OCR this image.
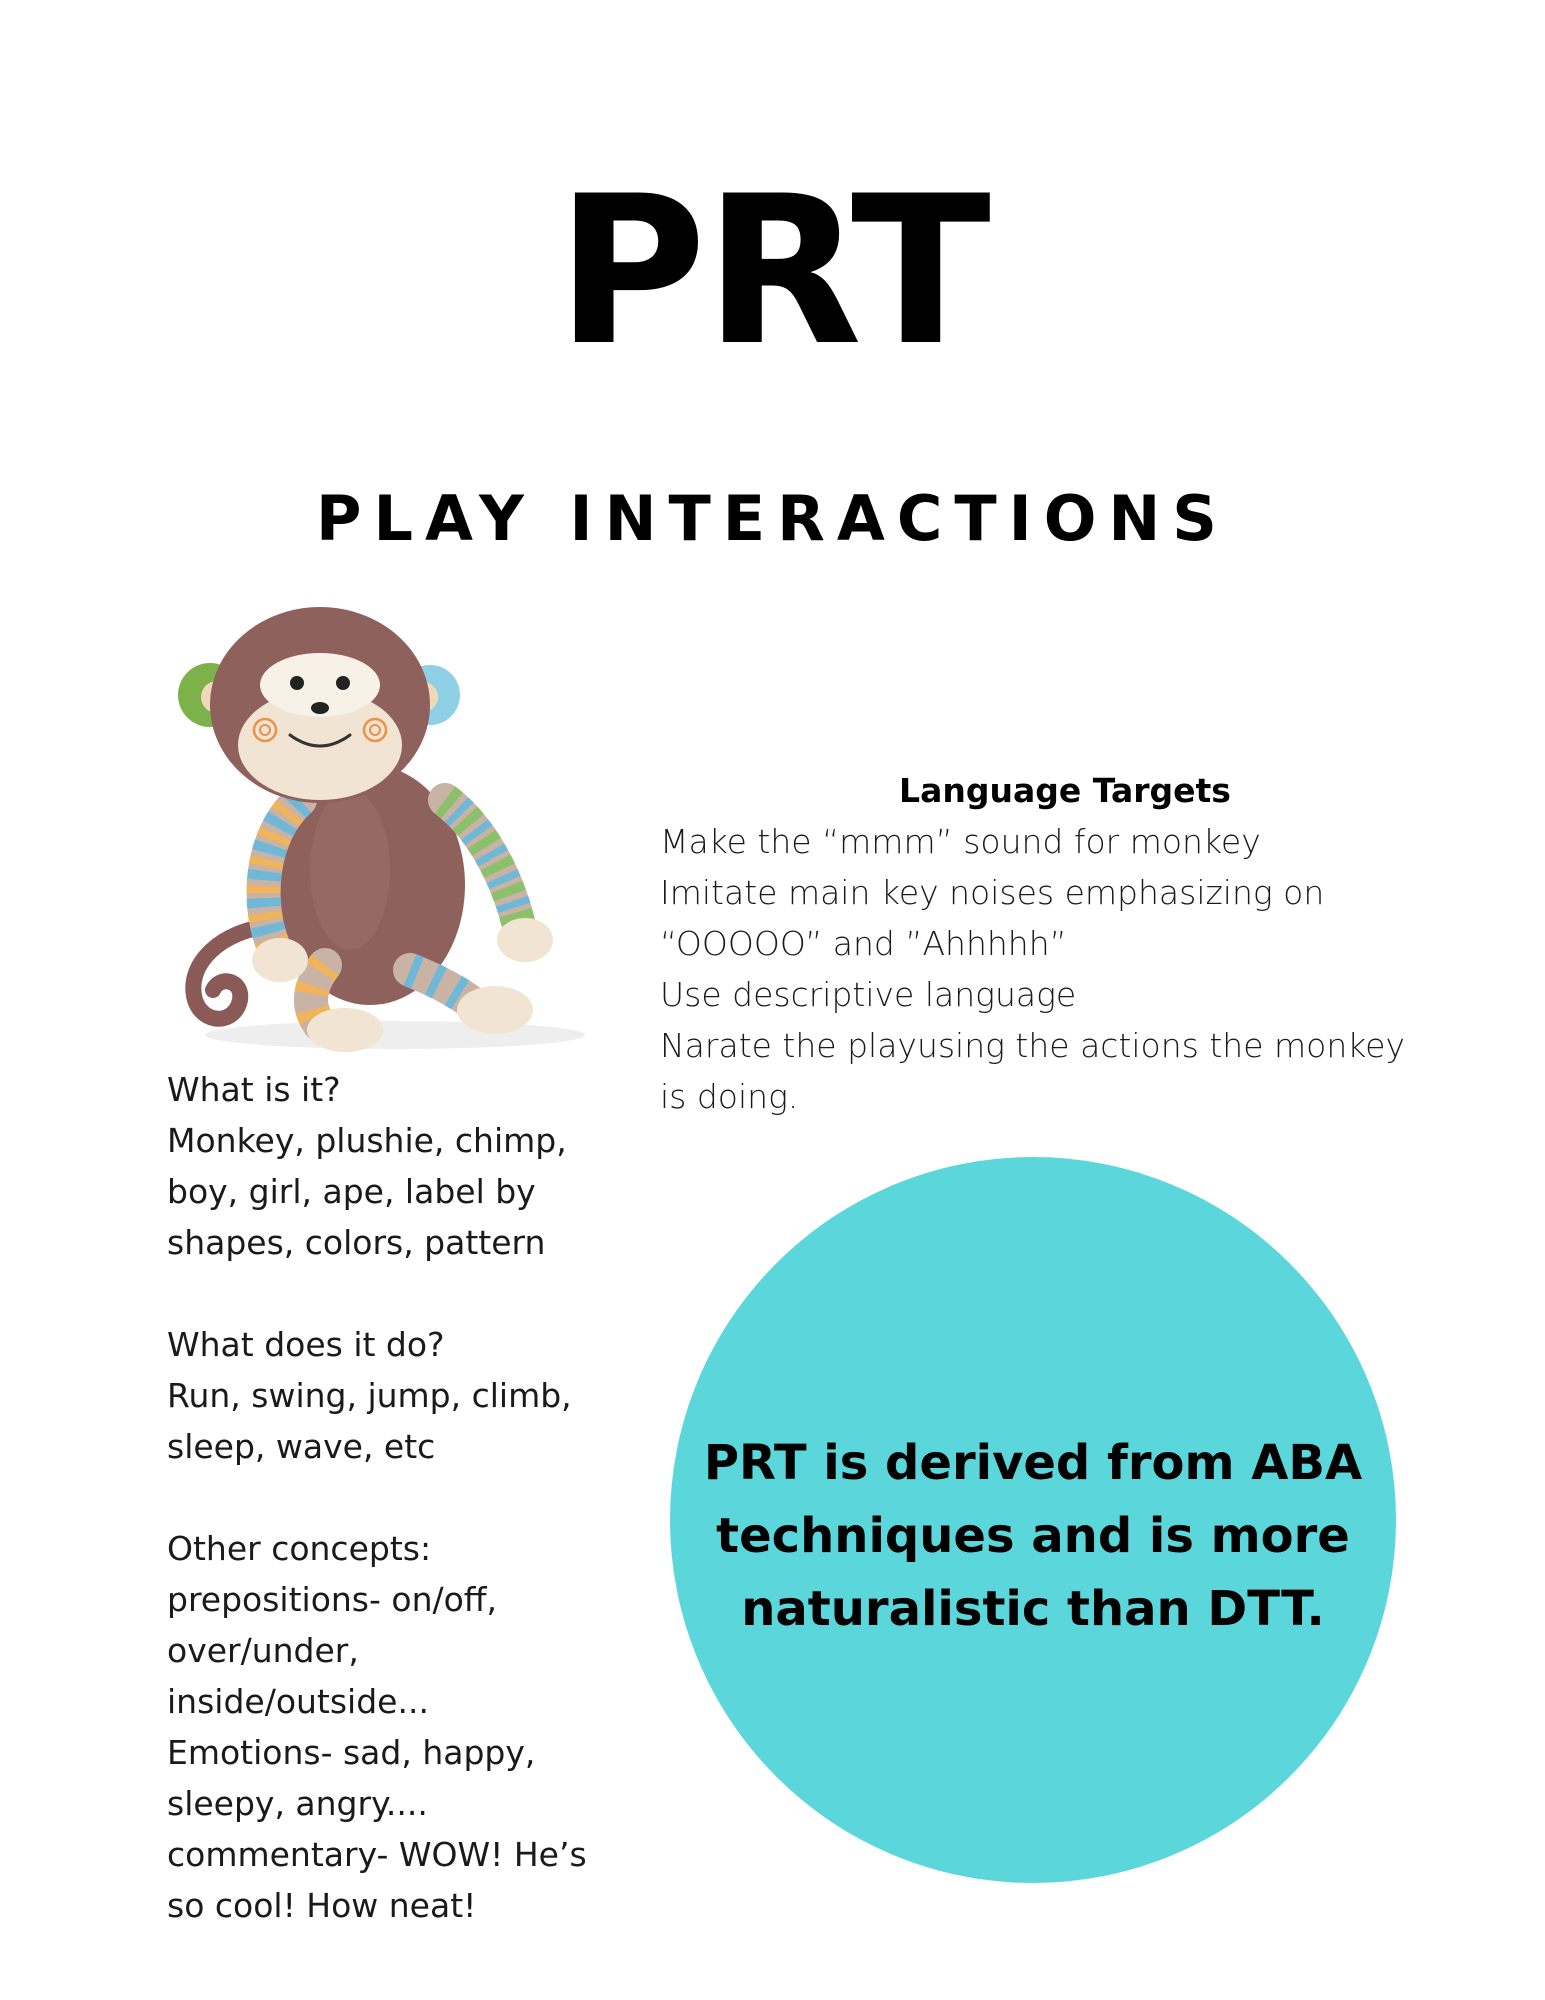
PRT
PLAY INTERACTIONS
Language Targets
Make the “mmm” sound for monkey
Imitate main key noises emphasizing on
“OOOOO” and ”Ahhhhh”
Use descriptive language
Narate the playusing the actions the monkey
is doing.
What is it?
Monkey, plushie, chimp,
boy, girl, ape, label by
shapes, colors, pattern
What does it do?
Run, swing, jump, climb,
sleep, wave, etc
Other concepts:
prepositions- on/off,
over/under,
inside/outside...
Emotions- sad, happy,
sleepy, angry....
commentary- WOW! He’s
so cool! How neat!
PRT is derived from ABA
techniques and is more
naturalistic than DTT.
